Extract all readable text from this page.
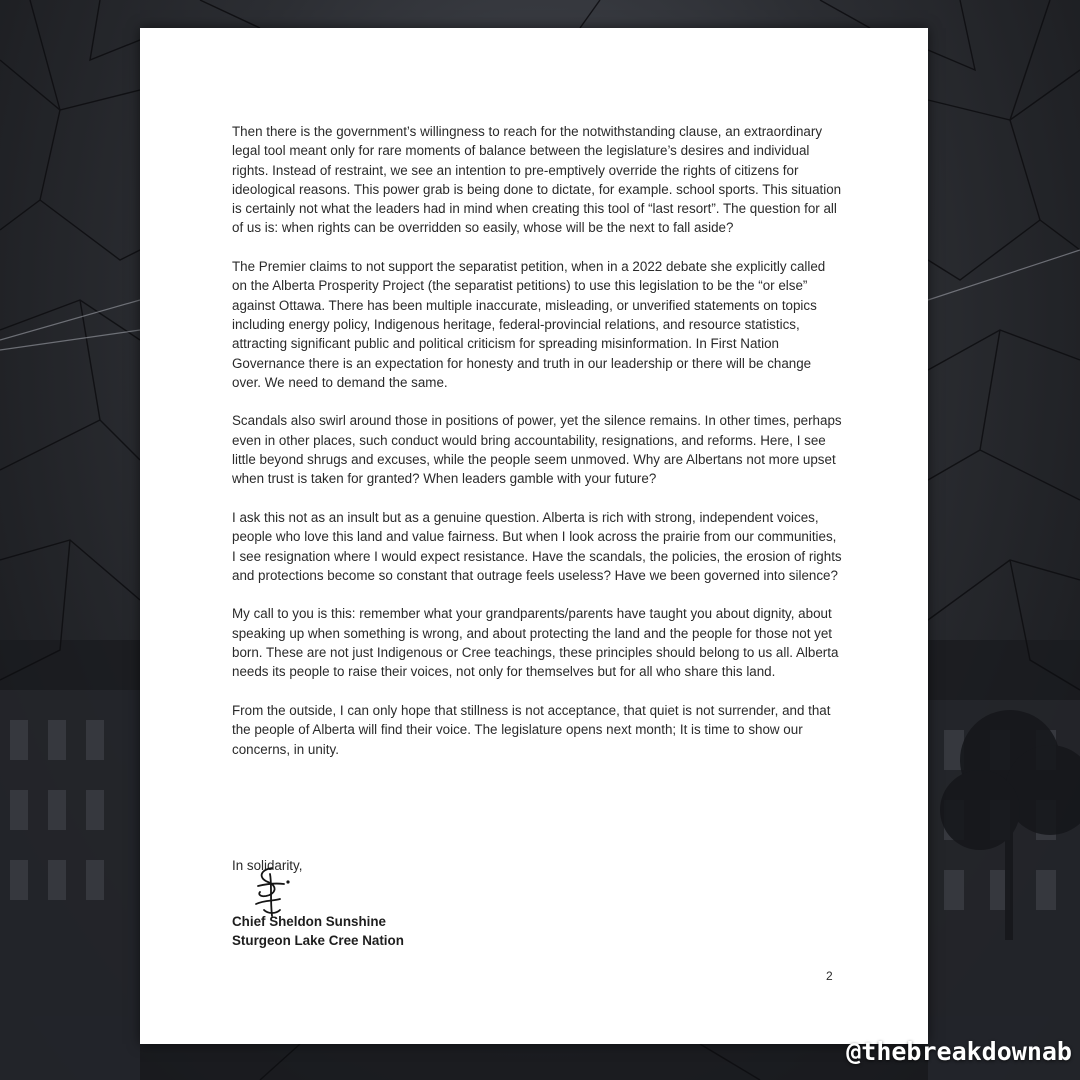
Then there is the government’s willingness to reach for the notwithstanding clause, an extraordinary legal tool meant only for rare moments of balance between the legislature’s desires and individual rights. Instead of restraint, we see an intention to pre-emptively override the rights of citizens for ideological reasons. This power grab is being done to dictate, for example. school sports. This situation is certainly not what the leaders had in mind when creating this tool of “last resort”. The question for all of us is: when rights can be overridden so easily, whose will be the next to fall aside?

The Premier claims to not support the separatist petition, when in a 2022 debate she explicitly called on the Alberta Prosperity Project (the separatist petitions) to use this legislation to be the “or else” against Ottawa. There has been multiple inaccurate, misleading, or unverified statements on topics including energy policy, Indigenous heritage, federal-provincial relations, and resource statistics, attracting significant public and political criticism for spreading misinformation. In First Nation Governance there is an expectation for honesty and truth in our leadership or there will be change over. We need to demand the same.

Scandals also swirl around those in positions of power, yet the silence remains. In other times, perhaps even in other places, such conduct would bring accountability, resignations, and reforms. Here, I see little beyond shrugs and excuses, while the people seem unmoved. Why are Albertans not more upset when trust is taken for granted? When leaders gamble with your future?

I ask this not as an insult but as a genuine question. Alberta is rich with strong, independent voices, people who love this land and value fairness. But when I look across the prairie from our communities, I see resignation where I would expect resistance. Have the scandals, the policies, the erosion of rights and protections become so constant that outrage feels useless? Have we been governed into silence?

My call to you is this: remember what your grandparents/parents have taught you about dignity, about speaking up when something is wrong, and about protecting the land and the people for those not yet born. These are not just Indigenous or Cree teachings, these principles should belong to us all. Alberta needs its people to raise their voices, not only for themselves but for all who share this land.

From the outside, I can only hope that stillness is not acceptance, that quiet is not surrender, and that the people of Alberta will find their voice. The legislature opens next month; It is time to show our concerns, in unity.

In solidarity,
Chief Sheldon Sunshine
Sturgeon Lake Cree Nation
2
@thebreakdownab
